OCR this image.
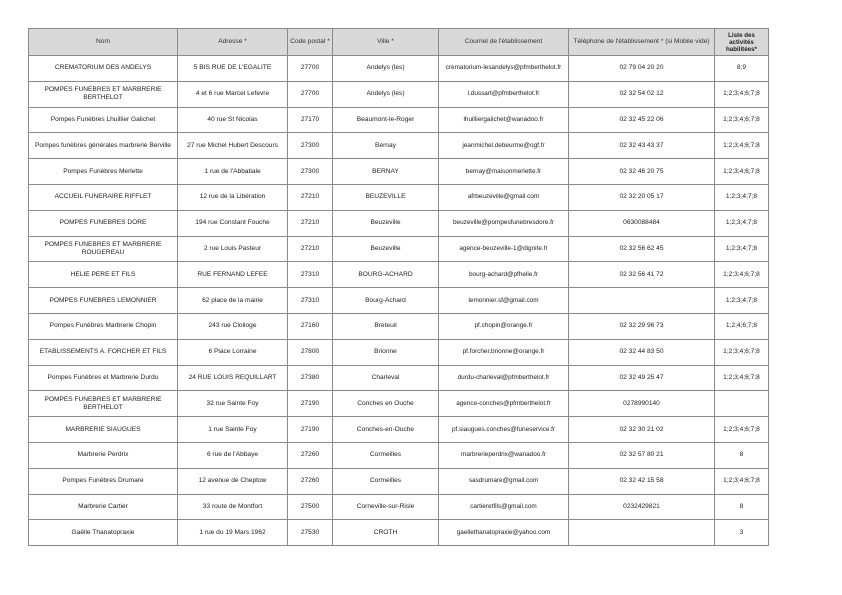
Nom	Adresse *	Code postal *	Ville *	Courriel de l'établissement	Téléphone de l'établissement * (si Mobile vide)	Liste des activités habilitées*
CREMATORIUM DES ANDELYS	5 BIS RUE DE L'EGALITE	27700	Andelys (les)	crematorium-lesandelys@pfmberthelot.fr	02 79 04 20 20	8;9
POMPES FUNEBRES ET MARBRERIE BERTHELOT	4 et 6 rue Marcel Lefevre	27700	Andelys (les)	l.dussart@pfmberthelot.fr	02 32 54 02 12	1;2;3;4;6;7;8
Pompes Funèbres Lhuillier Galichet	40 rue St Nicolas	27170	Beaumont-le-Roger	lhuilliergalichet@wanadoo.fr	02 32 45 22 06	1;2;3;4;6;7;8
Pompes funèbres générales marbrerie Berville	27 rue Michel Hubert Descours	27300	Bernay	jeanmichel.debeurme@ogf.fr	02 32 43 43 37	1;2;3;4;6;7;8
Pompes Funèbres Merlette	1 rue de l'Abbatiale	27300	BERNAY	bernay@maisonmerlette.fr	02 32 46 20 75	1;2;3;4;6;7;8
ACCUEIL FUNERAIRE RIFFLET	12 rue de la Libération	27210	BEUZEVILLE	afrbeuzeville@gmail.com	02 32 20 05 17	1;2;3;4;7;8
POMPES FUNEBRES DORE	194 rue Constant Fouche	27210	Beuzeville	beuzeville@pompesfunebresdore.fr	0630088484	1;2;3;4;7;8
POMPES FUNEBRES ET MARBRERIE ROUGEREAU	2 rue Louis Pasteur	27210	Beuzeville	agence-beuzeville-1@dignite.fr	02 32 56 62 45	1;2;3;4;7;8
HELIE PERE ET FILS	RUE FERNAND LEFEE	27310	BOURG-ACHARD	bourg-achard@pfhelie.fr	02 32 56 41 72	1;2;3;4;6;7;8
POMPES FUNEBRES LEMONNIER	62 place de la mairie	27310	Bourg-Achard	lemonnier.sf@gmail.com		1;2;3;4;7;8
Pompes Funèbres Marbrerie Chopin	243 rue Cloiloge	27160	Breteuil	pf.chopin@orange.fr	02 32 29 96 73	1;2;4;6;7;8
ETABLISSEMENTS A. FORCHER ET FILS	6 Place Lorraine	27800	Brionne	pf.forcher.brionne@orange.fr	02 32 44 83 50	1;2;3;4;6;7;8
Pompes Funèbres et Marbrerie Durdu	24 RUE LOUIS REQUILLART	27380	Charleval	durdu-charleval@pfmberthelot.fr	02 32 49 25 47	1;2;3;4;6;7;8
POMPES FUNEBRES ET MARBRERIE BERTHELOT	32 rue Sainte Foy	27190	Conches en Ouche	agence-conches@pfmberthelot.fr	0278990140	
MARBRERIE SIAUGUES	1 rue Sainte Foy	27190	Conches-en-Ouche	pf.siaugues.conches@funeservice.fr	02 32 30 21 02	1;2;3;4;6;7;8
Marbrerie Perdrix	6 rue de l'Abbaye	27260	Cormeilles	marbrerieperdrix@wanadoo.fr	02 32 57 80 21	8
Pompes Funèbres Drumare	12 avenue de Cheptow	27260	Cormeilles	sasdrumare@gmail.com	02 32 42 15 58	1;2;3;4;6;7;8
Marbrerie Cartier	33 route de Montfort	27500	Corneville-sur-Risle	cartieretfils@gmail.com	0232429821	8
Gaëlle Thanatopraxie	1 rue du 19 Mars 1962	27530	CROTH	gaellethanatopraxie@yahoo.com		3
